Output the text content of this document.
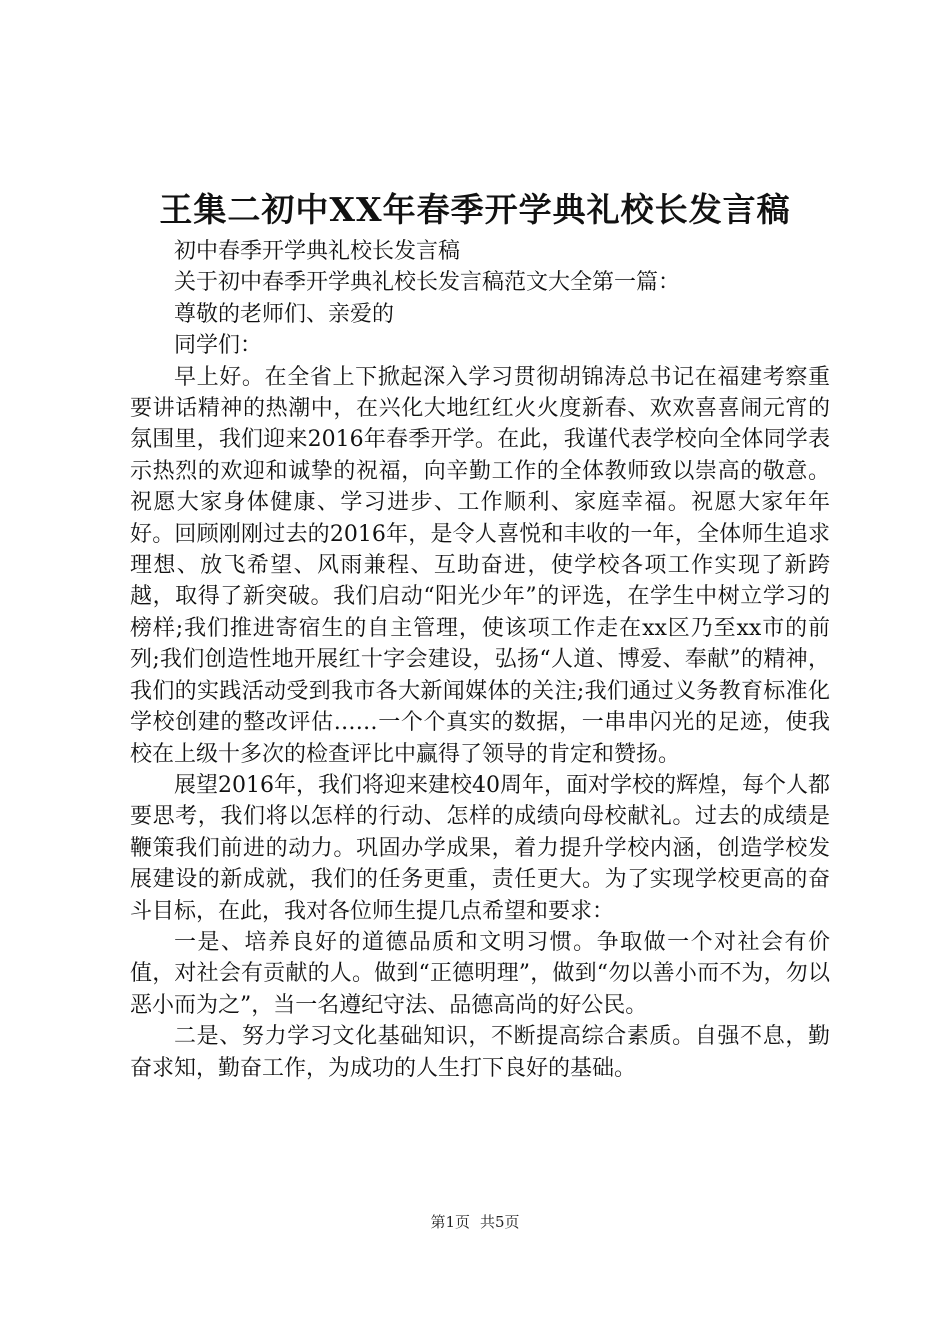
王集二初中XX年春季开学典礼校长发言稿

初中春季开学典礼校长发言稿

关于初中春季开学典礼校长发言稿范文大全第一篇：

尊敬的老师们、亲爱的

同学们：

早上好。在全省上下掀起深入学习贯彻胡锦涛总书记在福建考察重要讲话精神的热潮中，在兴化大地红红火火度新春、欢欢喜喜闹元宵的氛围里，我们迎来2016年春季开学。在此，我谨代表学校向全体同学表示热烈的欢迎和诚挚的祝福，向辛勤工作的全体教师致以崇高的敬意。祝愿大家身体健康、学习进步、工作顺利、家庭幸福。祝愿大家年年好。回顾刚刚过去的2016年，是令人喜悦和丰收的一年，全体师生追求理想、放飞希望、风雨兼程、互助奋进，使学校各项工作实现了新跨越，取得了新突破。我们启动“阳光少年”的评选，在学生中树立学习的榜样;我们推进寄宿生的自主管理，使该项工作走在xx区乃至xx市的前列;我们创造性地开展红十字会建设，弘扬“人道、博爱、奉献”的精神，我们的实践活动受到我市各大新闻媒体的关注;我们通过义务教育标准化学校创建的整改评估……一个个真实的数据，一串串闪光的足迹，使我校在上级十多次的检查评比中赢得了领导的肯定和赞扬。

展望2016年，我们将迎来建校40周年，面对学校的辉煌，每个人都要思考，我们将以怎样的行动、怎样的成绩向母校献礼。过去的成绩是鞭策我们前进的动力。巩固办学成果，着力提升学校内涵，创造学校发展建设的新成就，我们的任务更重，责任更大。为了实现学校更高的奋斗目标，在此，我对各位师生提几点希望和要求：

一是、培养良好的道德品质和文明习惯。争取做一个对社会有价值，对社会有贡献的人。做到“正德明理”，做到“勿以善小而不为，勿以恶小而为之”，当一名遵纪守法、品德高尚的好公民。

二是、努力学习文化基础知识，不断提高综合素质。自强不息，勤奋求知，勤奋工作，为成功的人生打下良好的基础。

第1页 共5页
